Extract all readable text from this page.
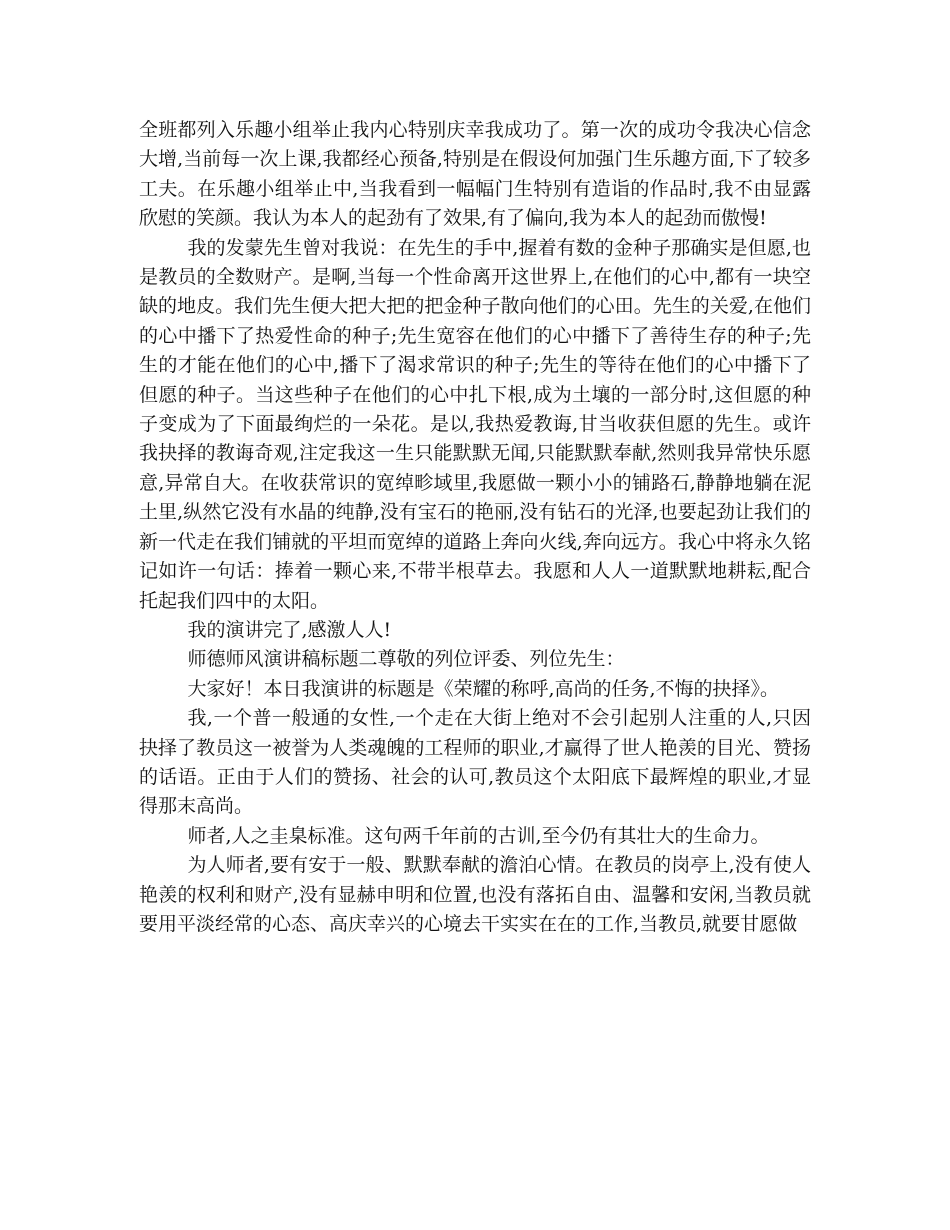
全班都列入乐趣小组举止我内心特别庆幸我成功了。第一次的成功令我决心信念大增,当前每一次上课,我都经心预备,特别是在假设何加强门生乐趣方面,下了较多工夫。在乐趣小组举止中,当我看到一幅幅门生特别有造诣的作品时,我不由显露欣慰的笑颜。我认为本人的起劲有了效果,有了偏向,我为本人的起劲而傲慢!

我的发蒙先生曾对我说：在先生的手中,握着有数的金种子那确实是但愿,也是教员的全数财产。是啊,当每一个性命离开这世界上,在他们的心中,都有一块空缺的地皮。我们先生便大把大把的把金种子散向他们的心田。先生的关爱,在他们的心中播下了热爱性命的种子;先生宽容在他们的心中播下了善待生存的种子;先生的才能在他们的心中,播下了渴求常识的种子;先生的等待在他们的心中播下了但愿的种子。当这些种子在他们的心中扎下根,成为土壤的一部分时,这但愿的种子变成为了下面最绚烂的一朵花。是以,我热爱教诲,甘当收获但愿的先生。或许我抉择的教诲奇观,注定我这一生只能默默无闻,只能默默奉献,然则我异常快乐愿意,异常自大。在收获常识的宽绰畛域里,我愿做一颗小小的铺路石,静静地躺在泥土里,纵然它没有水晶的纯静,没有宝石的艳丽,没有钻石的光泽,也要起劲让我们的新一代走在我们铺就的平坦而宽绰的道路上奔向火线,奔向远方。我心中将永久铭记如许一句话：捧着一颗心来,不带半根草去。我愿和人人一道默默地耕耘,配合托起我们四中的太阳。

我的演讲完了,感激人人!

师德师风演讲稿标题二尊敬的列位评委、列位先生：

大家好！本日我演讲的标题是《荣耀的称呼,高尚的任务,不悔的抉择》。

我,一个普一般通的女性,一个走在大街上绝对不会引起别人注重的人,只因抉择了教员这一被誉为人类魂魄的工程师的职业,才赢得了世人艳羡的目光、赞扬的话语。正由于人们的赞扬、社会的认可,教员这个太阳底下最辉煌的职业,才显得那末高尚。

师者,人之圭臬标准。这句两千年前的古训,至今仍有其壮大的生命力。

为人师者,要有安于一般、默默奉献的澹泊心情。在教员的岗亭上,没有使人艳羡的权利和财产,没有显赫申明和位置,也没有落拓自由、温馨和安闲,当教员就要用平淡经常的心态、高庆幸兴的心境去干实实在在的工作,当教员,就要甘愿做
